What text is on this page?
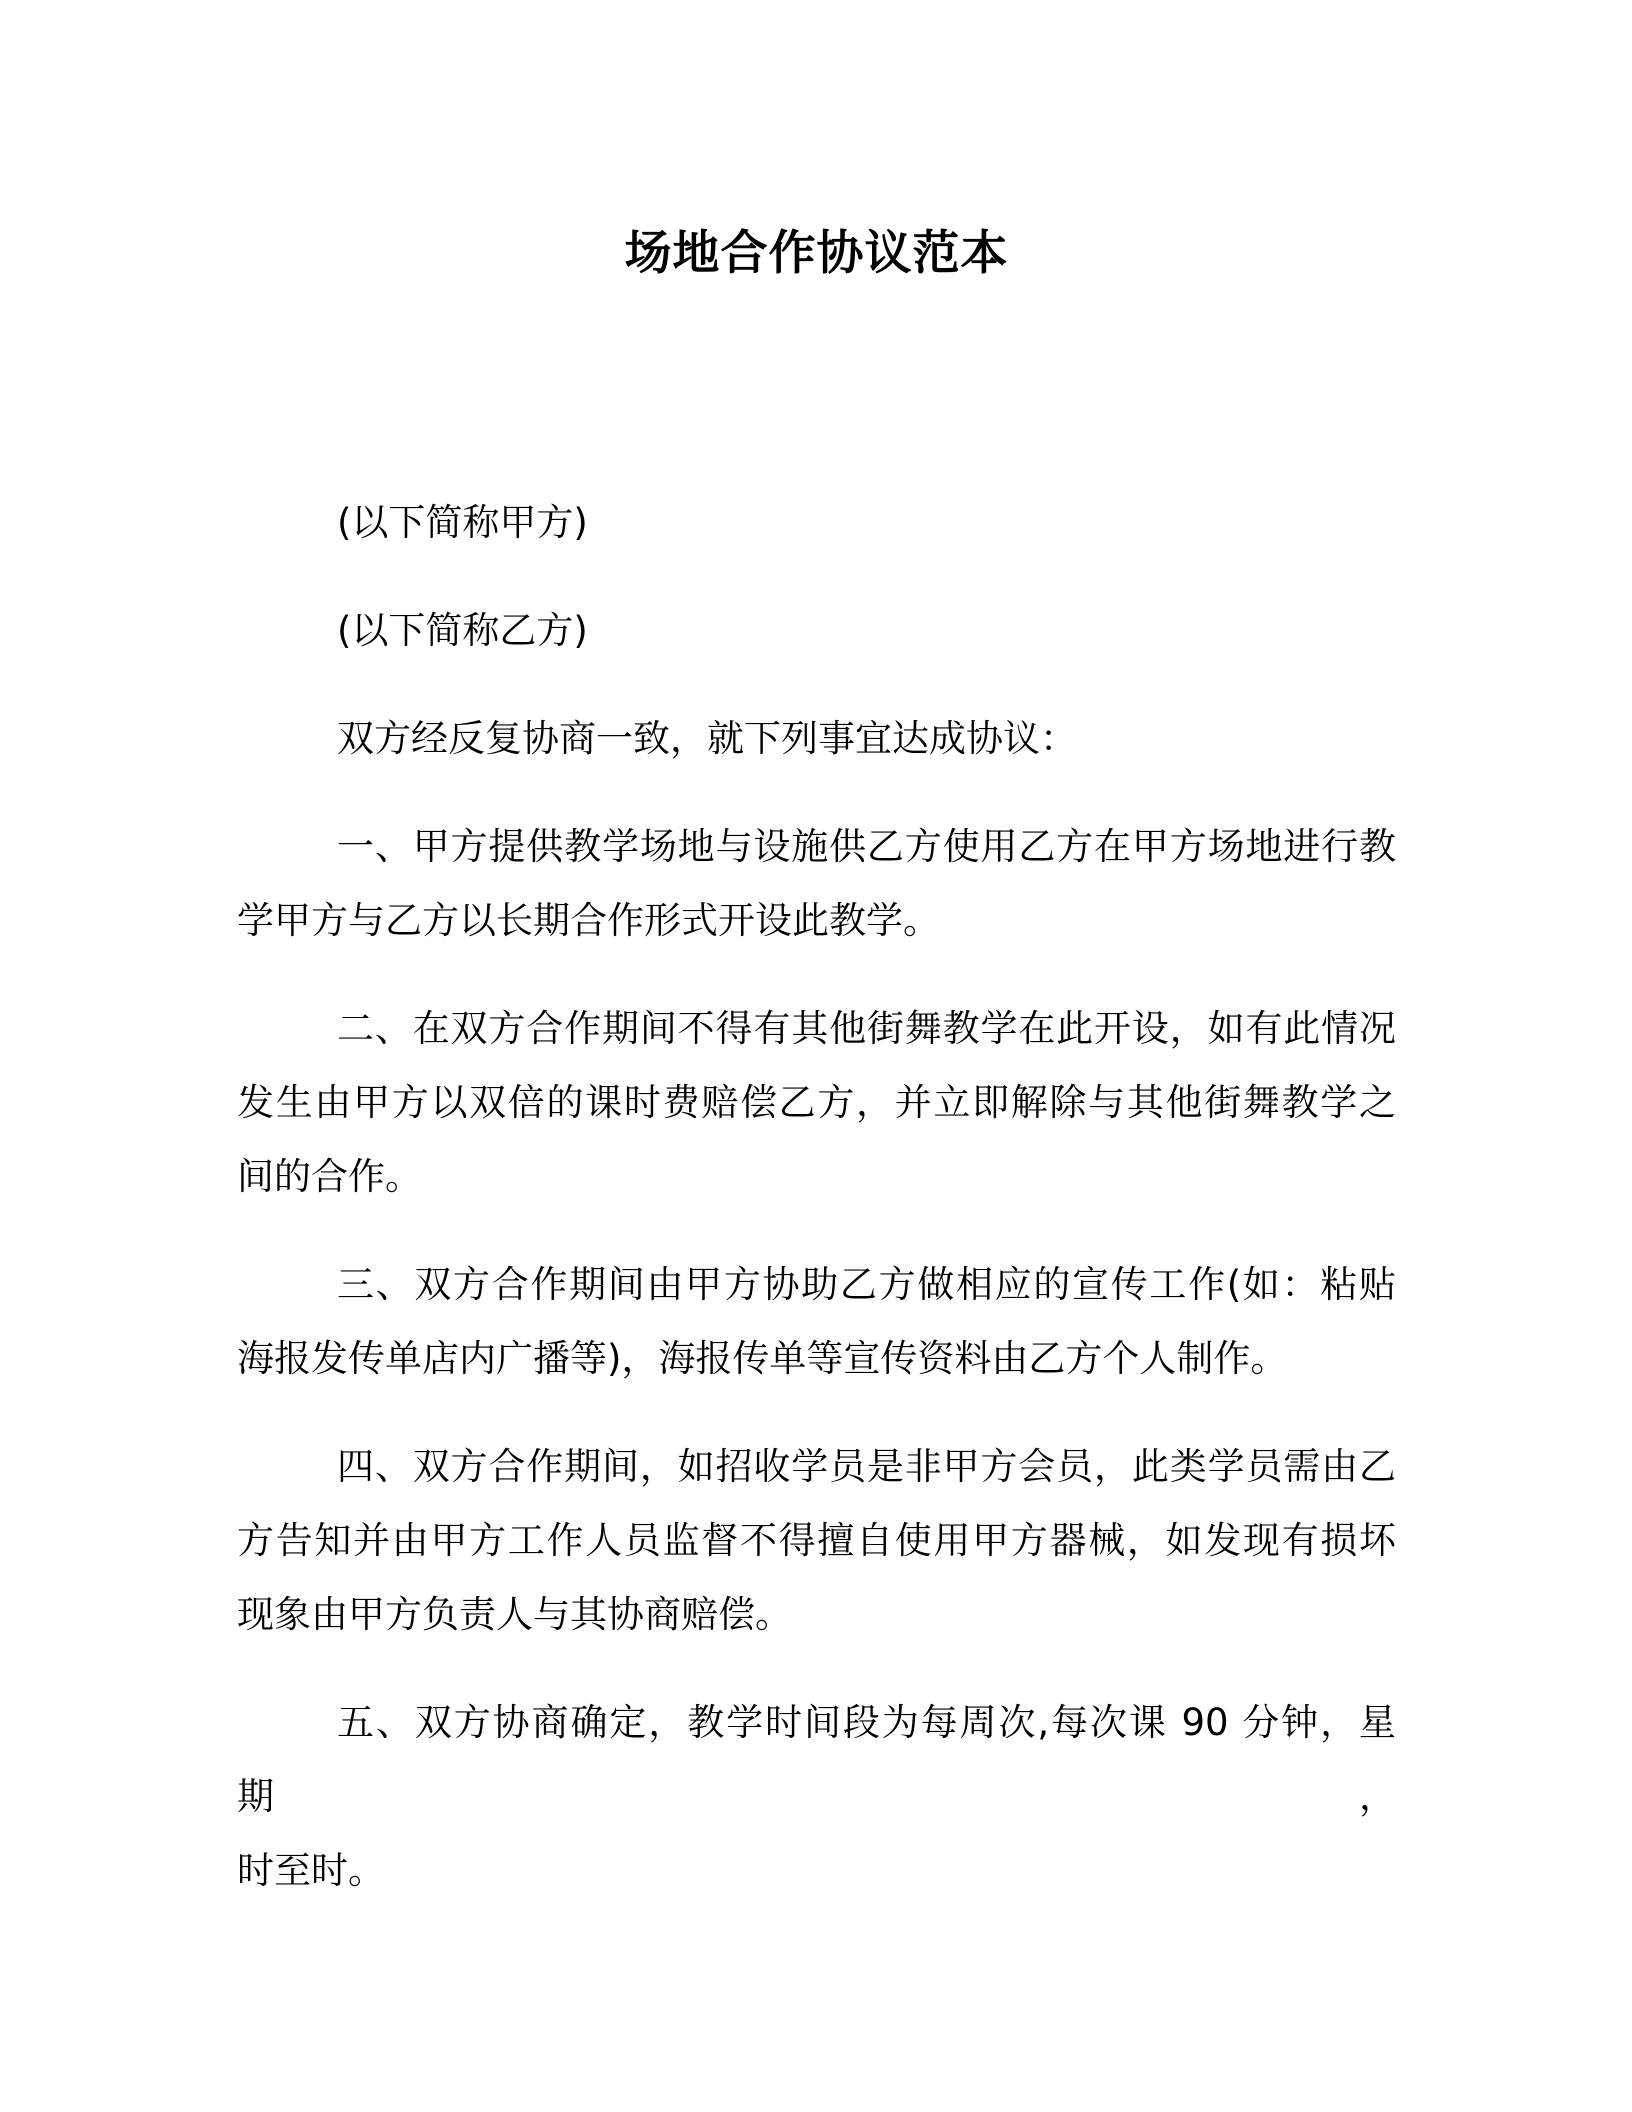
场地合作协议范本
(以下简称甲方)
(以下简称乙方)
双方经反复协商一致，就下列事宜达成协议：
一、甲方提供教学场地与设施供乙方使用乙方在甲方场地进行教
学甲方与乙方以长期合作形式开设此教学。
二、在双方合作期间不得有其他街舞教学在此开设，如有此情况
发生由甲方以双倍的课时费赔偿乙方，并立即解除与其他街舞教学之
间的合作。
三、双方合作期间由甲方协助乙方做相应的宣传工作(如：粘贴
海报发传单店内广播等)，海报传单等宣传资料由乙方个人制作。
四、双方合作期间，如招收学员是非甲方会员，此类学员需由乙
方告知并由甲方工作人员监督不得擅自使用甲方器械，如发现有损坏
现象由甲方负责人与其协商赔偿。
五、双方协商确定，教学时间段为每周次,每次课 90 分钟，星期，
时至时。
